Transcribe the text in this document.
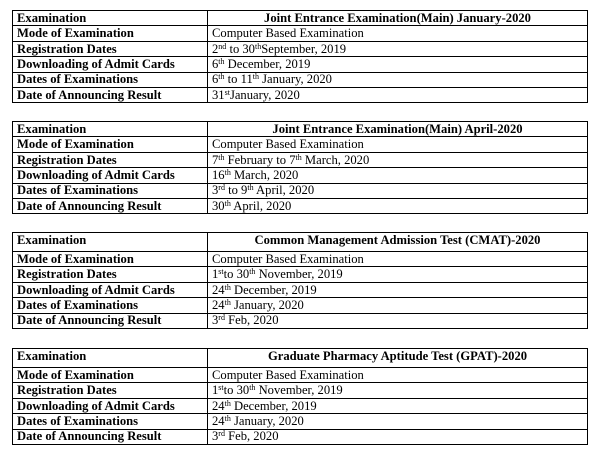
Examination	Joint Entrance Examination(Main) January-2020
Mode of Examination	Computer Based Examination
Registration Dates	2nd to 30thSeptember, 2019
Downloading of Admit Cards	6th December, 2019
Dates of Examinations	6th to 11th January, 2020
Date of Announcing Result	31stJanuary, 2020
Examination	Joint Entrance Examination(Main) April-2020
Mode of Examination	Computer Based Examination
Registration Dates	7th February to 7th March, 2020
Downloading of Admit Cards	16th March, 2020
Dates of Examinations	3rd to 9th April, 2020
Date of Announcing Result	30th April, 2020
Examination	Common Management Admission Test (CMAT)-2020
Mode of Examination	Computer Based Examination
Registration Dates	1stto 30th November, 2019
Downloading of Admit Cards	24th December, 2019
Dates of Examinations	24th January, 2020
Date of Announcing Result	3rd Feb, 2020
Examination	Graduate Pharmacy Aptitude Test (GPAT)-2020
Mode of Examination	Computer Based Examination
Registration Dates	1stto 30th November, 2019
Downloading of Admit Cards	24th December, 2019
Dates of Examinations	24th January, 2020
Date of Announcing Result	3rd Feb, 2020
